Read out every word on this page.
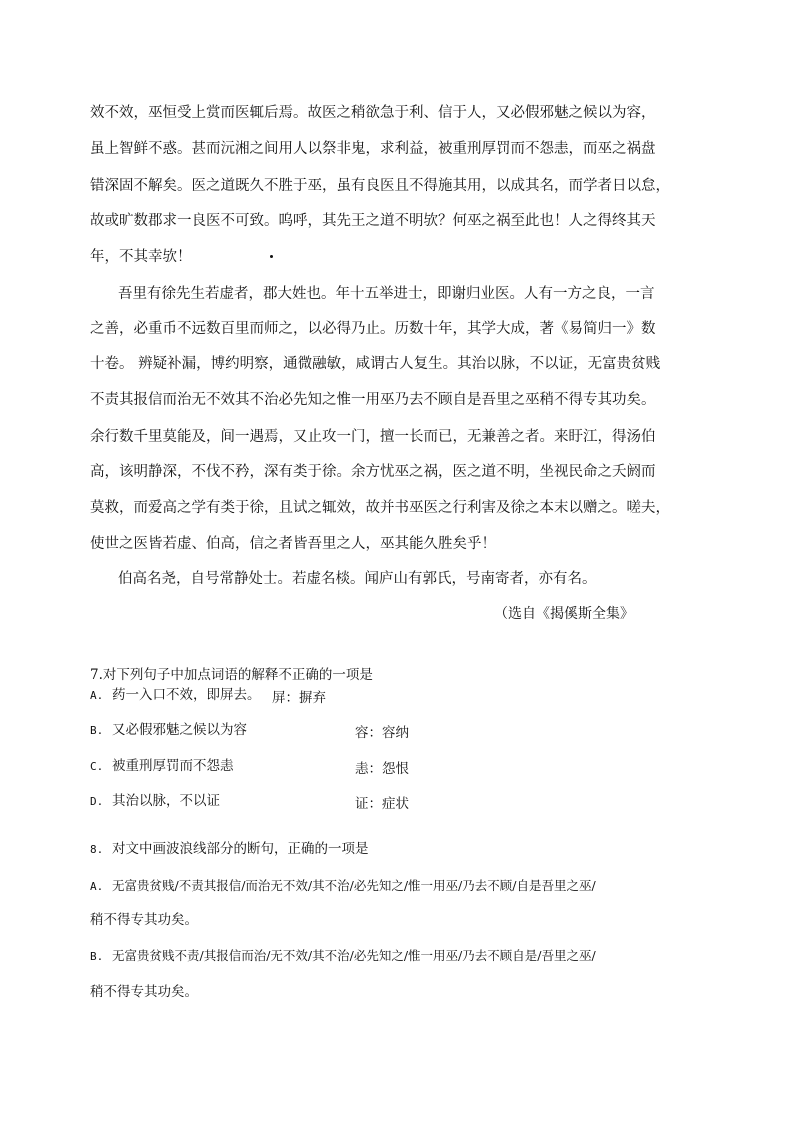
效不效，巫恒受上赏而医辄后焉。故医之稍欲急于利、信于人，又必假邪魅之候以为容，
虽上智鲜不惑。甚而沅湘之间用人以祭非鬼，求利益，被重刑厚罚而不怨恚，而巫之祸盘
错深固不解矣。医之道既久不胜于巫，虽有良医且不得施其用，以成其名，而学者日以怠，
故或旷数郡求一良医不可致。呜呼，其先王之道不明欤？何巫之祸至此也！人之得终其天
年，不其幸欤！
吾里有徐先生若虚者，郡大姓也。年十五举进士，即谢归业医。人有一方之良，一言
之善，必重币不远数百里而师之，以必得乃止。历数十年，其学大成，著《易简归一》数
十卷。 辨疑补漏，博约明察，通微融敏，咸谓古人复生。其治以脉，不以证，无富贵贫贱
不责其报信而治无不效其不治必先知之惟一用巫乃去不顾自是吾里之巫稍不得专其功矣。
余行数千里莫能及，间一遇焉，又止攻一门，擅一长而已，无兼善之者。来盱江，得汤伯
高，该明静深，不伐不矜，深有类于徐。余方忧巫之祸，医之道不明，坐视民命之夭阏而
莫救，而爱高之学有类于徐，且试之辄效，故并书巫医之行利害及徐之本末以赠之。嗟夫，
使世之医皆若虚、伯高，信之者皆吾里之人，巫其能久胜矣乎！
伯高名尧，自号常静处士。若虚名棪。闻庐山有郭氏，号南寄者，亦有名。
（选自《揭傒斯全集》
7.对下列句子中加点词语的解释不正确的一项是
A. 药一入口不效，即屏去。 屏：摒弃
B. 又必假邪魅之候以为容	容：容纳
C. 被重刑厚罚而不怨恚	恚：怨恨
D. 其治以脉，不以证	证：症状
8. 对文中画波浪线部分的断句，正确的一项是
A. 无富贵贫贱/不责其报信/而治无不效/其不治/必先知之/惟一用巫/乃去不顾/自是吾里之巫/
稍不得专其功矣。
B. 无富贵贫贱不责/其报信而治/无不效/其不治/必先知之/惟一用巫/乃去不顾自是/吾里之巫/
稍不得专其功矣。
